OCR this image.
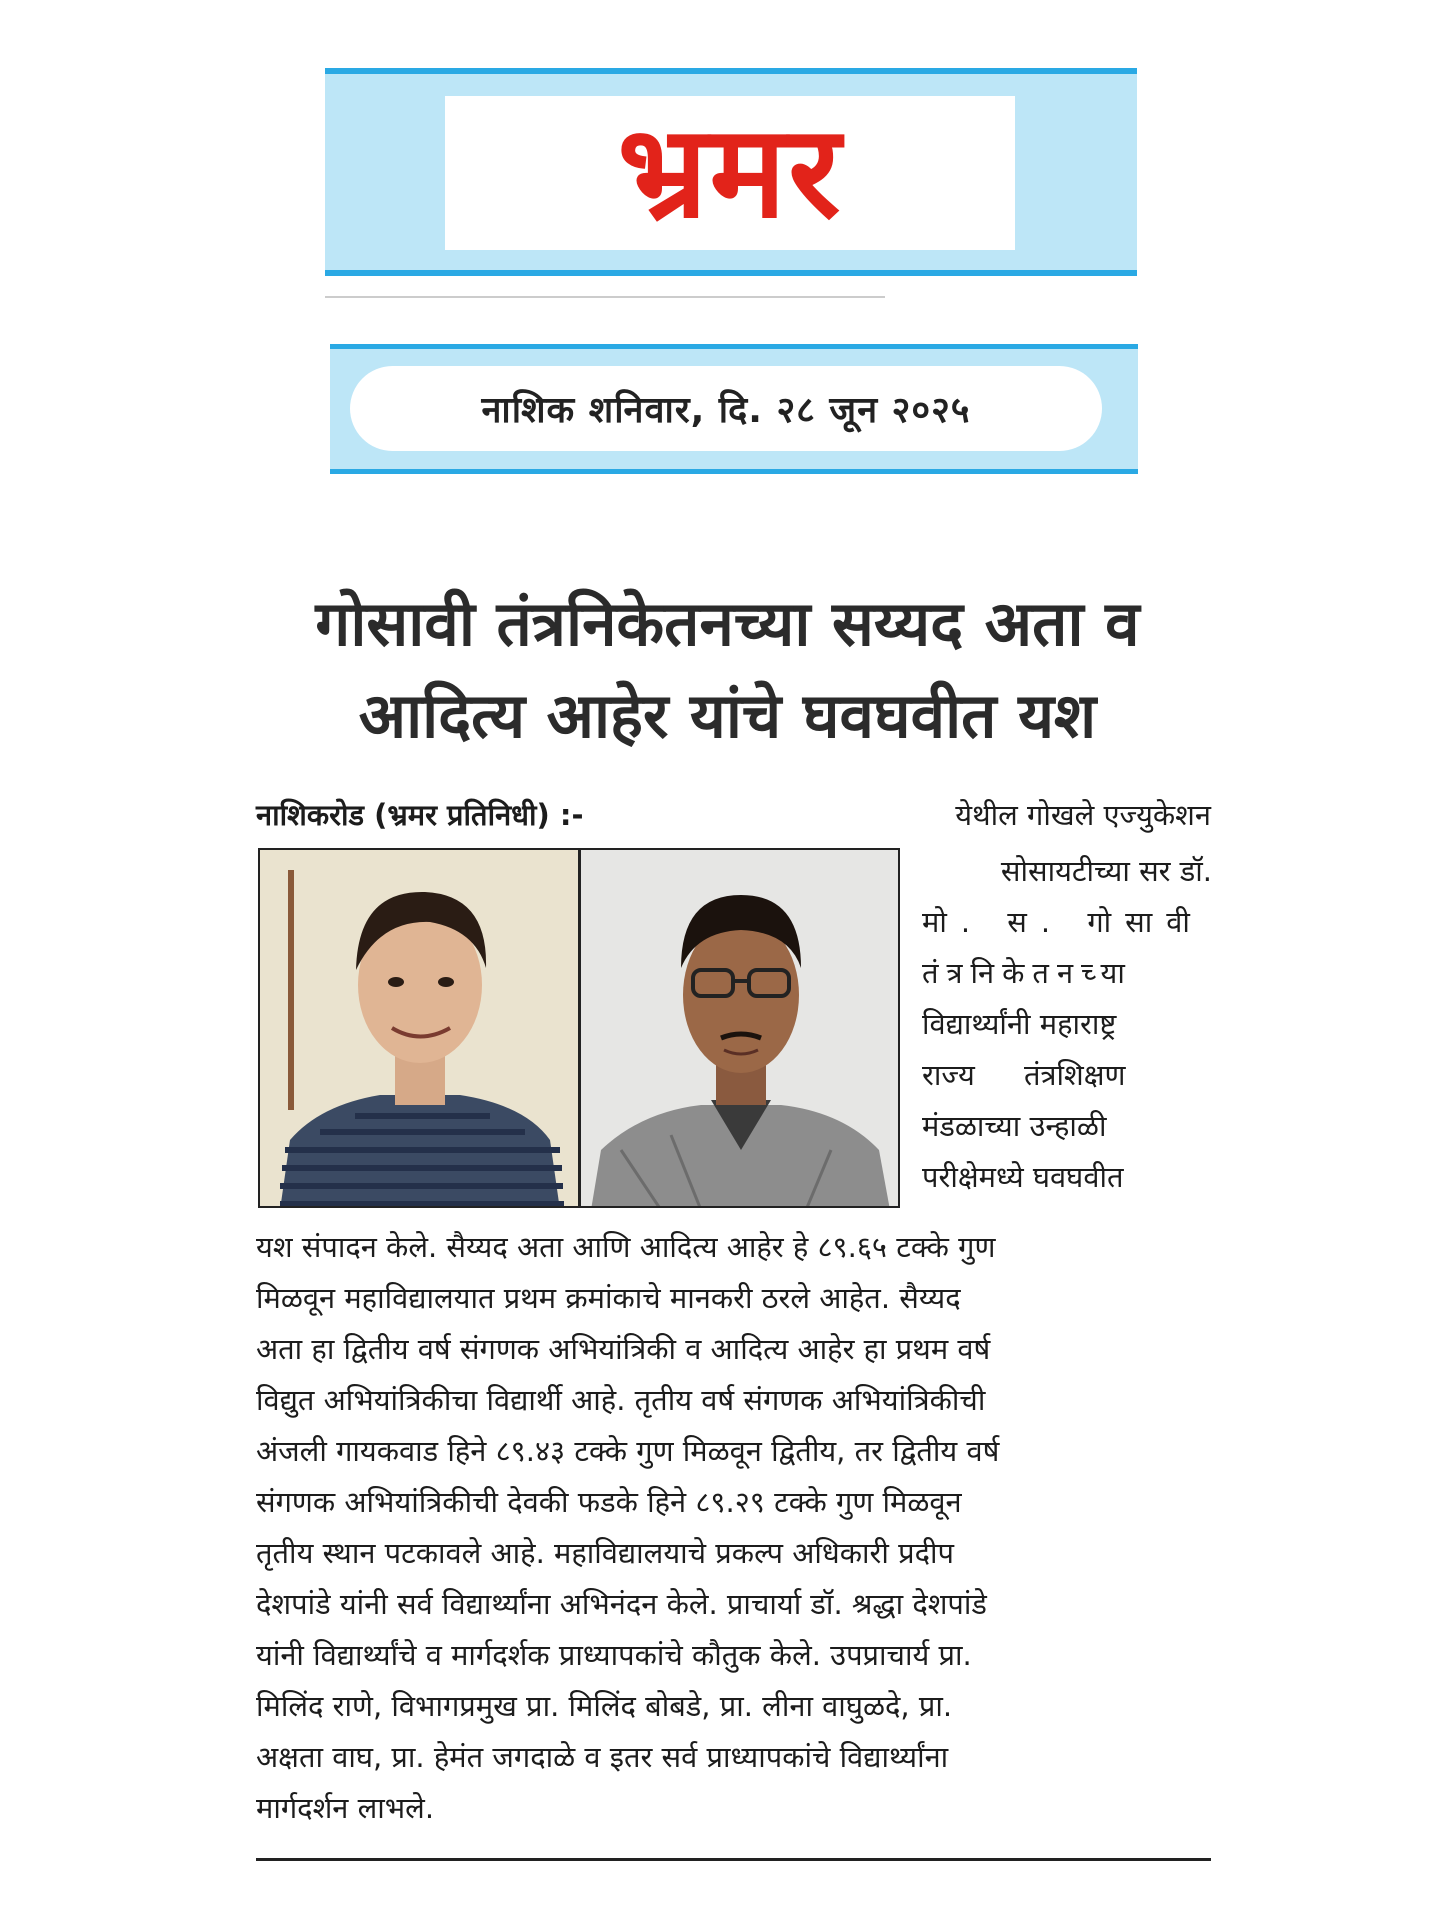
भ्रमर
नाशिक शनिवार, दि. २८ जून २०२५
गोसावी तंत्रनिकेतनच्या सय्यद अता व
आदित्य आहेर यांचे घवघवीत यश
नाशिकरोड (भ्रमर प्रतिनिधी) :-	येथील गोखले एज्युकेशन
सोसायटीच्या सर डॉ.
मो. स. गोसावी
तंत्रनिकेतनच्या
विद्यार्थ्यांनी महाराष्ट्र
राज्य तंत्रशिक्षण
मंडळाच्या उन्हाळी
परीक्षेमध्ये घवघवीत
यश संपादन केले. सैय्यद अता आणि आदित्य आहेर हे ८९.६५ टक्के गुण
मिळवून महाविद्यालयात प्रथम क्रमांकाचे मानकरी ठरले आहेत. सैय्यद
अता हा द्वितीय वर्ष संगणक अभियांत्रिकी व आदित्य आहेर हा प्रथम वर्ष
विद्युत अभियांत्रिकीचा विद्यार्थी आहे. तृतीय वर्ष संगणक अभियांत्रिकीची
अंजली गायकवाड हिने ८९.४३ टक्के गुण मिळवून द्वितीय, तर द्वितीय वर्ष
संगणक अभियांत्रिकीची देवकी फडके हिने ८९.२९ टक्के गुण मिळवून
तृतीय स्थान पटकावले आहे. महाविद्यालयाचे प्रकल्प अधिकारी प्रदीप
देशपांडे यांनी सर्व विद्यार्थ्यांना अभिनंदन केले. प्राचार्या डॉ. श्रद्धा देशपांडे
यांनी विद्यार्थ्यांचे व मार्गदर्शक प्राध्यापकांचे कौतुक केले. उपप्राचार्य प्रा.
मिलिंद राणे, विभागप्रमुख प्रा. मिलिंद बोबडे, प्रा. लीना वाघुळदे, प्रा.
अक्षता वाघ, प्रा. हेमंत जगदाळे व इतर सर्व प्राध्यापकांचे विद्यार्थ्यांना
मार्गदर्शन लाभले.
